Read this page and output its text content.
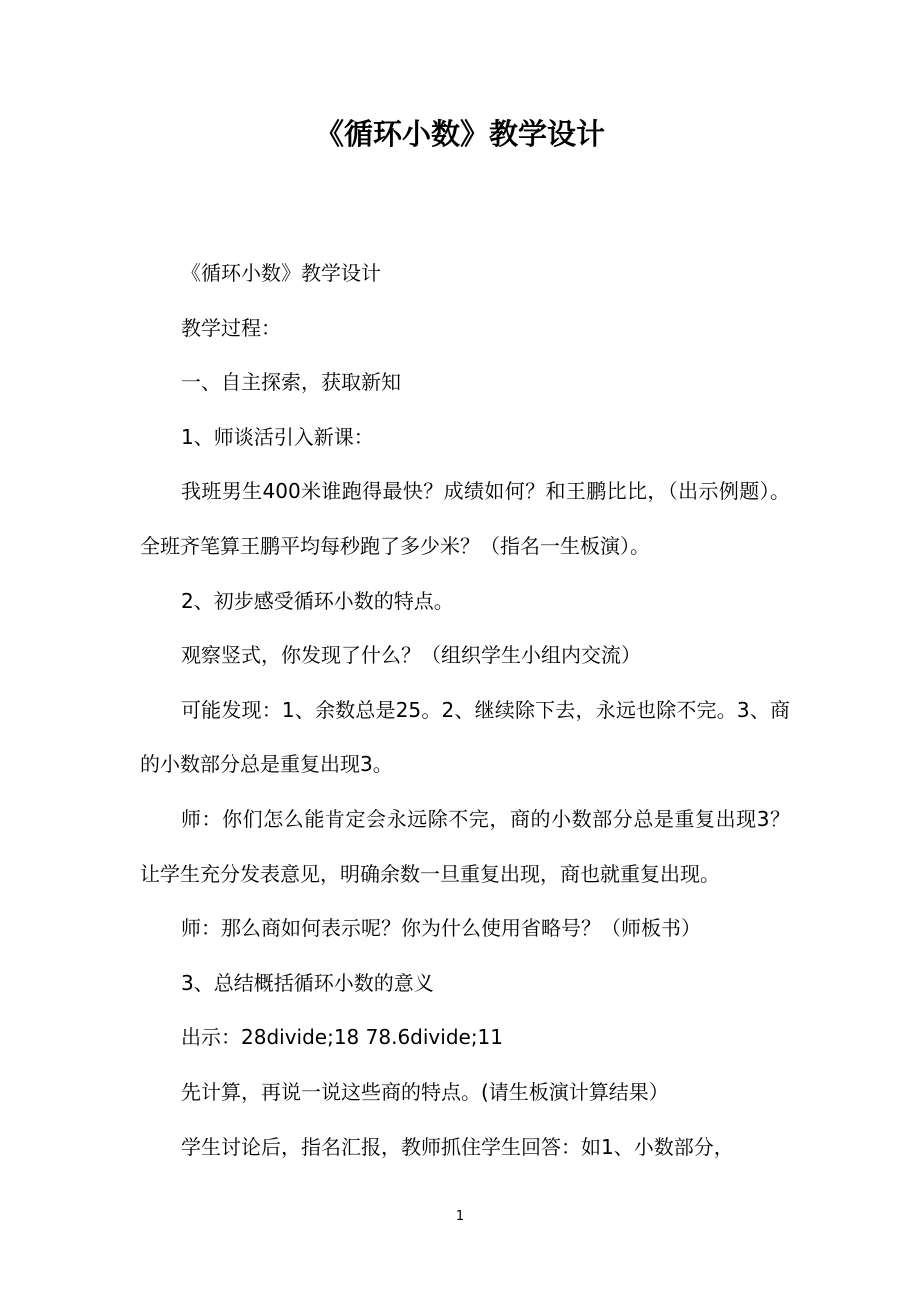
《循环小数》教学设计

《循环小数》教学设计

教学过程：

一、自主探索，获取新知

1、师谈活引入新课：

我班男生400米谁跑得最快？成绩如何？和王鹏比比，（出示例题）。全班齐笔算王鹏平均每秒跑了多少米？（指名一生板演）。

2、初步感受循环小数的特点。

观察竖式，你发现了什么？（组织学生小组内交流）

可能发现：1、余数总是25。2、继续除下去，永远也除不完。3、商的小数部分总是重复出现3。

师：你们怎么能肯定会永远除不完，商的小数部分总是重复出现3？让学生充分发表意见，明确余数一旦重复出现，商也就重复出现。

师：那么商如何表示呢？你为什么使用省略号？（师板书）

3、总结概括循环小数的意义

出示：28divide;18 78.6divide;11

先计算，再说一说这些商的特点。(请生板演计算结果）

学生讨论后，指名汇报，教师抓住学生回答：如1、小数部分，

1
